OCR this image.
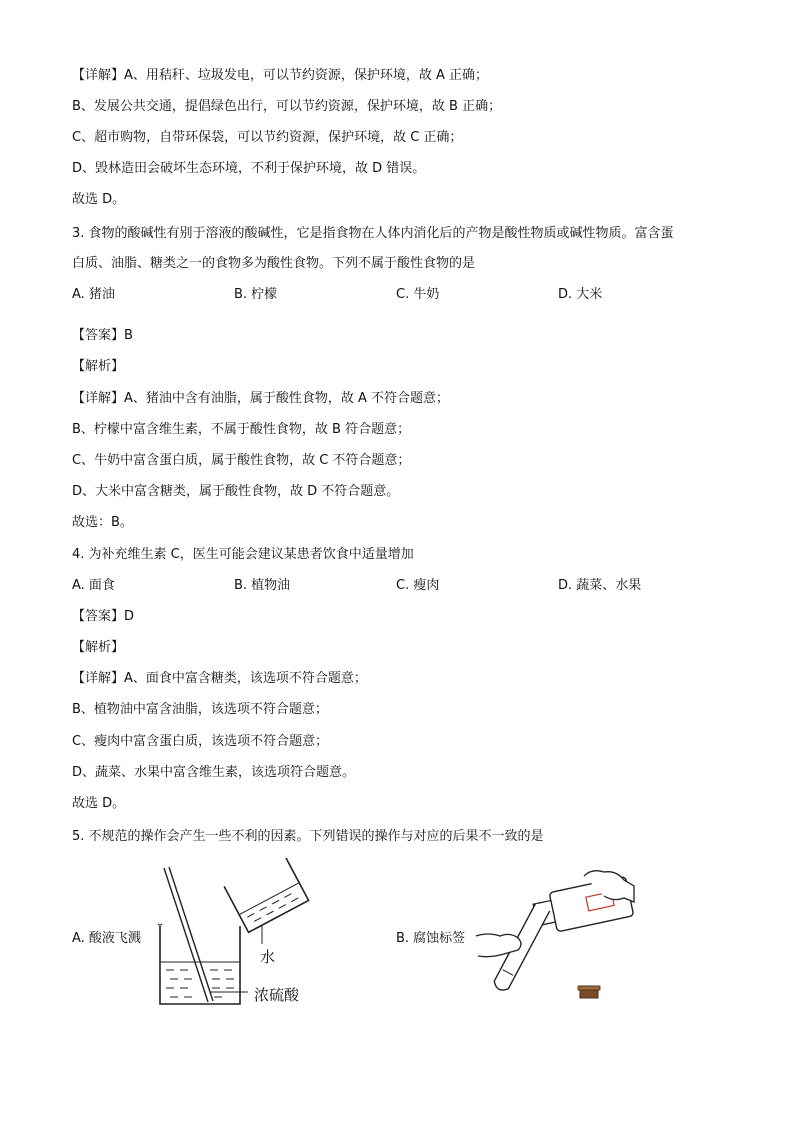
【详解】A、用秸秆、垃圾发电，可以节约资源，保护环境，故 A 正确；
B、发展公共交通，提倡绿色出行，可以节约资源，保护环境，故 B 正确；
C、超市购物，自带环保袋，可以节约资源，保护环境，故 C 正确；
D、毁林造田会破坏生态环境，不利于保护环境，故 D 错误。
故选 D。
3. 食物的酸碱性有别于溶液的酸碱性，它是指食物在人体内消化后的产物是酸性物质或碱性物质。富含蛋
白质、油脂、糖类之一的食物多为酸性食物。下列不属于酸性食物的是
A. 猪油	B. 柠檬	C. 牛奶	D. 大米
【答案】B
【解析】
【详解】A、猪油中含有油脂，属于酸性食物，故 A 不符合题意；
B、柠檬中富含维生素，不属于酸性食物，故 B 符合题意；
C、牛奶中富含蛋白质，属于酸性食物，故 C 不符合题意；
D、大米中富含糖类，属于酸性食物，故 D 不符合题意。
故选：B。
4. 为补充维生素 C，医生可能会建议某患者饮食中适量增加
A. 面食	B. 植物油	C. 瘦肉	D. 蔬菜、水果
【答案】D
【解析】
【详解】A、面食中富含糖类，该选项不符合题意；
B、植物油中富含油脂，该选项不符合题意；
C、瘦肉中富含蛋白质，该选项不符合题意；
D、蔬菜、水果中富含维生素，该选项符合题意。
故选 D。
5. 不规范的操作会产生一些不利的因素。下列错误的操作与对应的后果不一致的是
A. 酸液飞溅
水
浓硫酸
B. 腐蚀标签
